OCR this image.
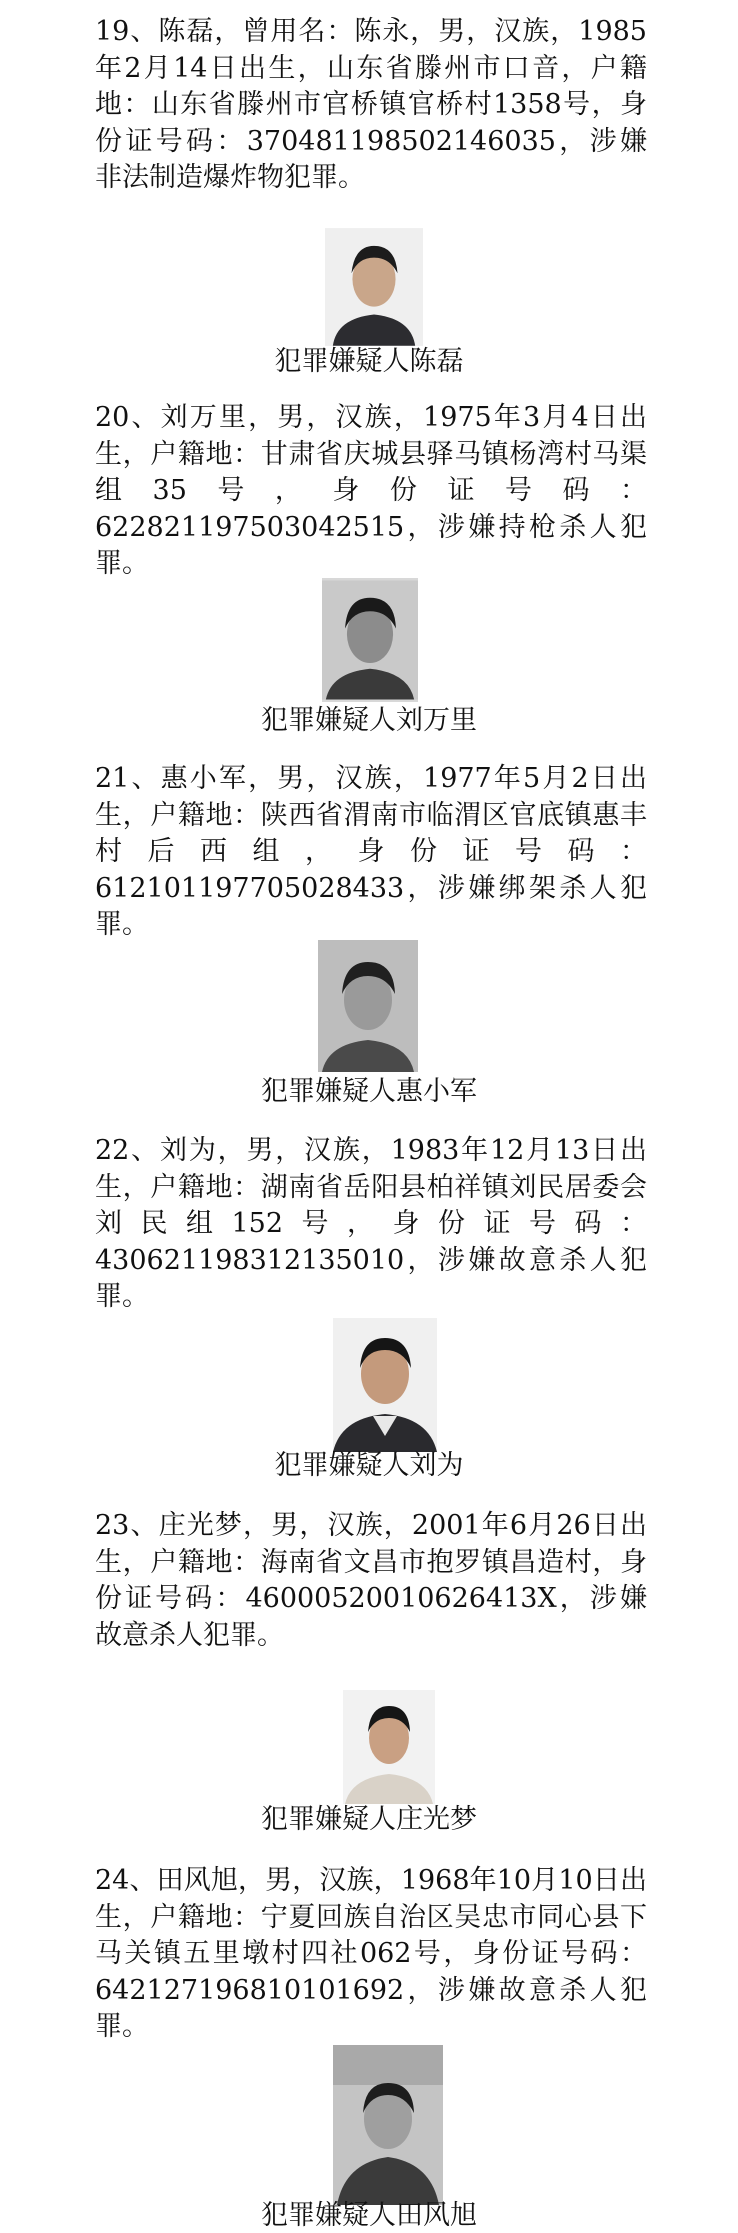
19、陈磊，曾用名：陈永，男，汉族，1985年2月14日出生，山东省滕州市口音，户籍地：山东省滕州市官桥镇官桥村1358号，身份证号码：370481198502146035，涉嫌非法制造爆炸物犯罪。

犯罪嫌疑人陈磊

20、刘万里，男，汉族，1975年3月4日出生，户籍地：甘肃省庆城县驿马镇杨湾村马渠组35号，身份证号码：622821197503042515，涉嫌持枪杀人犯罪。

犯罪嫌疑人刘万里

21、惠小军，男，汉族，1977年5月2日出生，户籍地：陕西省渭南市临渭区官底镇惠丰村后西组，身份证号码：612101197705028433，涉嫌绑架杀人犯罪。

犯罪嫌疑人惠小军

22、刘为，男，汉族，1983年12月13日出生，户籍地：湖南省岳阳县柏祥镇刘民居委会刘民组152号，身份证号码：430621198312135010，涉嫌故意杀人犯罪。

犯罪嫌疑人刘为

23、庄光梦，男，汉族，2001年6月26日出生，户籍地：海南省文昌市抱罗镇昌造村，身份证号码：46000520010626413X，涉嫌故意杀人犯罪。

犯罪嫌疑人庄光梦

24、田风旭，男，汉族，1968年10月10日出生，户籍地：宁夏回族自治区吴忠市同心县下马关镇五里墩村四社062号，身份证号码：642127196810101692，涉嫌故意杀人犯罪。

犯罪嫌疑人田风旭
